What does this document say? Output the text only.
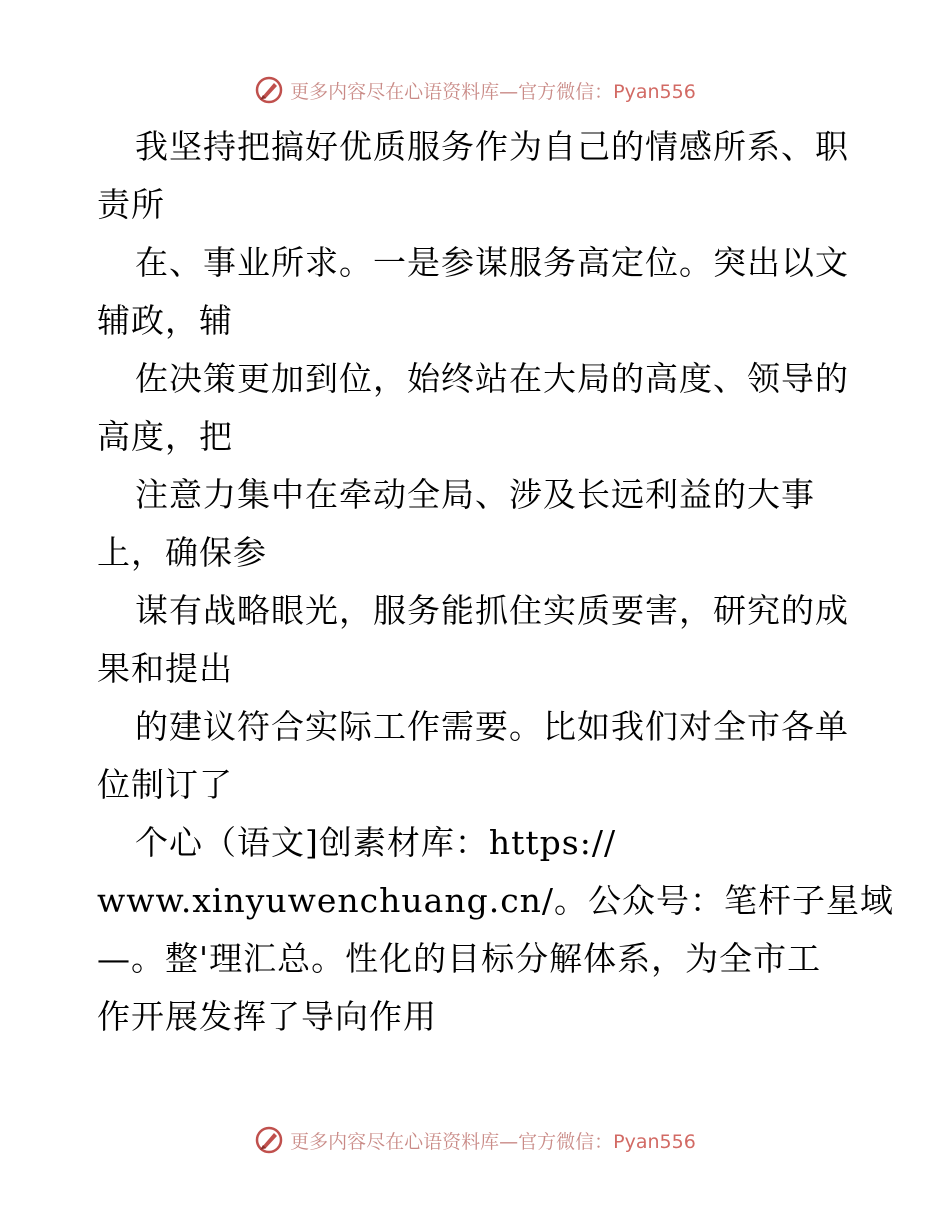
更多内容尽在心语资料库—官方微信：Pyan556
我坚持把搞好优质服务作为自己的情感所系、职
责所
在、事业所求。一是参谋服务高定位。突出以文
辅政，辅
佐决策更加到位，始终站在大局的高度、领导的
高度，把
注意力集中在牵动全局、涉及长远利益的大事
上，确保参
谋有战略眼光，服务能抓住实质要害，研究的成
果和提出
的建议符合实际工作需要。比如我们对全市各单
位制订了
个心（语文]创素材库：https://
www.xinyuwenchuang.cn/。公众号：笔杆子星域
—。整'理汇总。性化的目标分解体系，为全市工
作开展发挥了导向作用
更多内容尽在心语资料库—官方微信：Pyan556
